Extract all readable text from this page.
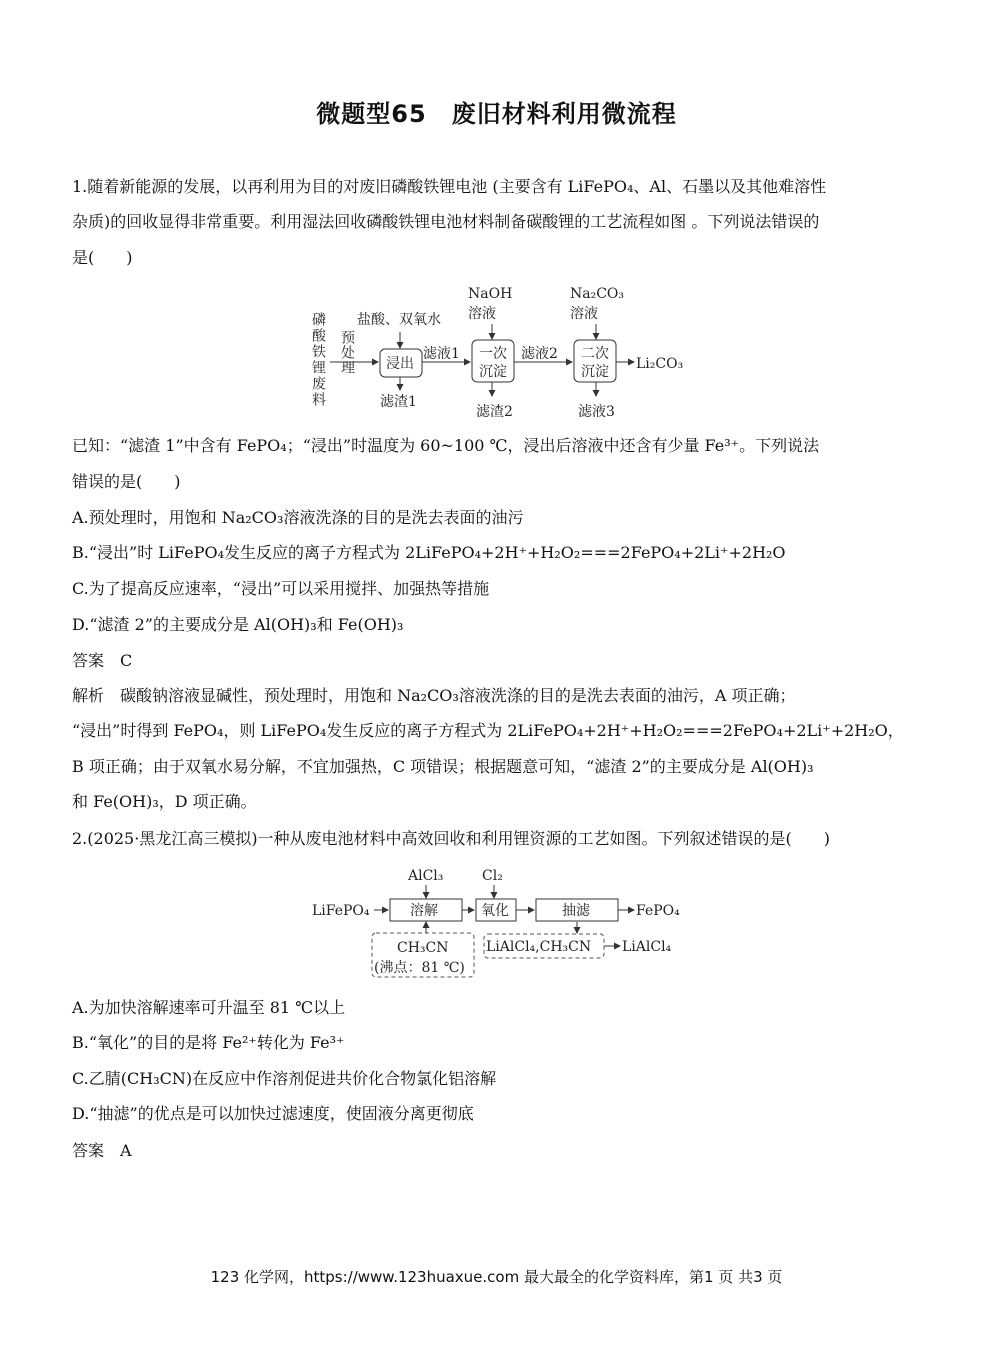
微题型65　废旧材料利用微流程
1.随着新能源的发展，以再利用为目的对废旧磷酸铁锂电池 (主要含有 LiFePO₄、Al、石墨以及其他难溶性
杂质)的回收显得非常重要。利用湿法回收磷酸铁锂电池材料制备碳酸锂的工艺流程如图 。下列说法错误的
是(　　)
磷酸铁锂废料 预处理
盐酸、双氧水
浸出
滤渣1
滤液1
NaOH
溶液
一次
沉淀
滤渣2
滤液2
Na₂CO₃
溶液
二次
沉淀
滤液3
Li₂CO₃
已知：“滤渣 1”中含有 FePO₄；“浸出”时温度为 60~100 ℃，浸出后溶液中还含有少量 Fe³⁺。下列说法
错误的是(　　)
A.预处理时，用饱和 Na₂CO₃溶液洗涤的目的是洗去表面的油污
B.“浸出”时 LiFePO₄发生反应的离子方程式为 2LiFePO₄+2H⁺+H₂O₂===2FePO₄+2Li⁺+2H₂O
C.为了提高反应速率，“浸出”可以采用搅拌、加强热等措施
D.“滤渣 2”的主要成分是 Al(OH)₃和 Fe(OH)₃
答案　C
解析　碳酸钠溶液显碱性，预处理时，用饱和 Na₂CO₃溶液洗涤的目的是洗去表面的油污，A 项正确；
“浸出”时得到 FePO₄，则 LiFePO₄发生反应的离子方程式为 2LiFePO₄+2H⁺+H₂O₂===2FePO₄+2Li⁺+2H₂O，
B 项正确；由于双氧水易分解，不宜加强热，C 项错误；根据题意可知，“滤渣 2”的主要成分是 Al(OH)₃
和 Fe(OH)₃，D 项正确。
2.(2025·黑龙江高三模拟)一种从废电池材料中高效回收和利用锂资源的工艺如图。下列叙述错误的是(　　)
LiFePO₄
AlCl₃
溶解
Cl₂
氧化	抽滤	FePO₄
CH₃CN
(沸点：81 ℃)
LiAlCl₄,CH₃CN LiAlCl₄
A.为加快溶解速率可升温至 81 ℃以上
B.“氧化”的目的是将 Fe²⁺转化为 Fe³⁺
C.乙腈(CH₃CN)在反应中作溶剂促进共价化合物氯化铝溶解
D.“抽滤”的优点是可以加快过滤速度，使固液分离更彻底
答案　A
123 化学网，https://www.123huaxue.com 最大最全的化学资料库，第1 页 共3 页
